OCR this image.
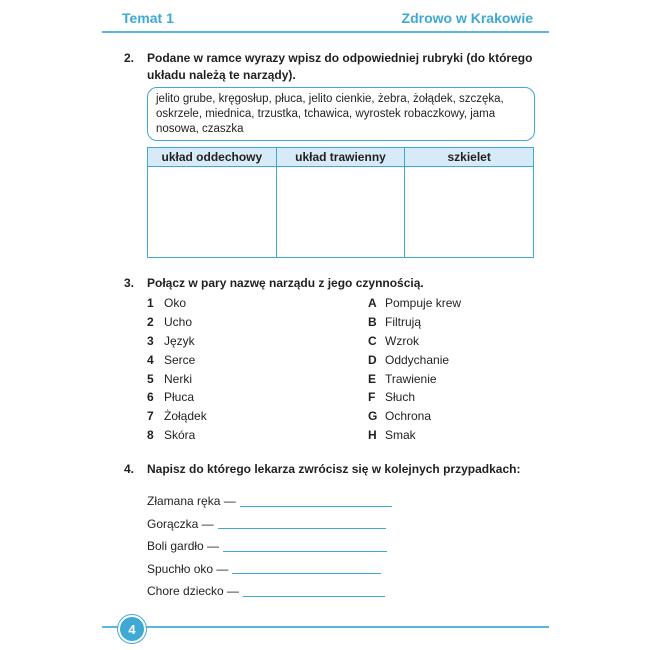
Temat 1	Zdrowo w Krakowie
2. Podane w ramce wyrazy wpisz do odpowiedniej rubryki (do którego układu należą te narządy).
jelito grube, kręgosłup, płuca, jelito cienkie, żebra, żołądek, szczęka, oskrzele, miednica, trzustka, tchawica, wyrostek robaczkowy, jama nosowa, czaszka
układ oddechowy	układ trawienny	szkielet

3. Połącz w pary nazwę narządu z jego czynnością.
1 Oko
2 Ucho
3 Język
4 Serce
5 Nerki
6 Płuca
7 Żołądek
8 Skóra
A Pompuje krew
B Filtrują
C Wzrok
D Oddychanie
E Trawienie
F Słuch
G Ochrona
H Smak
4. Napisz do którego lekarza zwrócisz się w kolejnych przypadkach:
Złamana ręka —
Gorączka —
Boli gardło —
Spuchło oko —
Chore dziecko —
4
